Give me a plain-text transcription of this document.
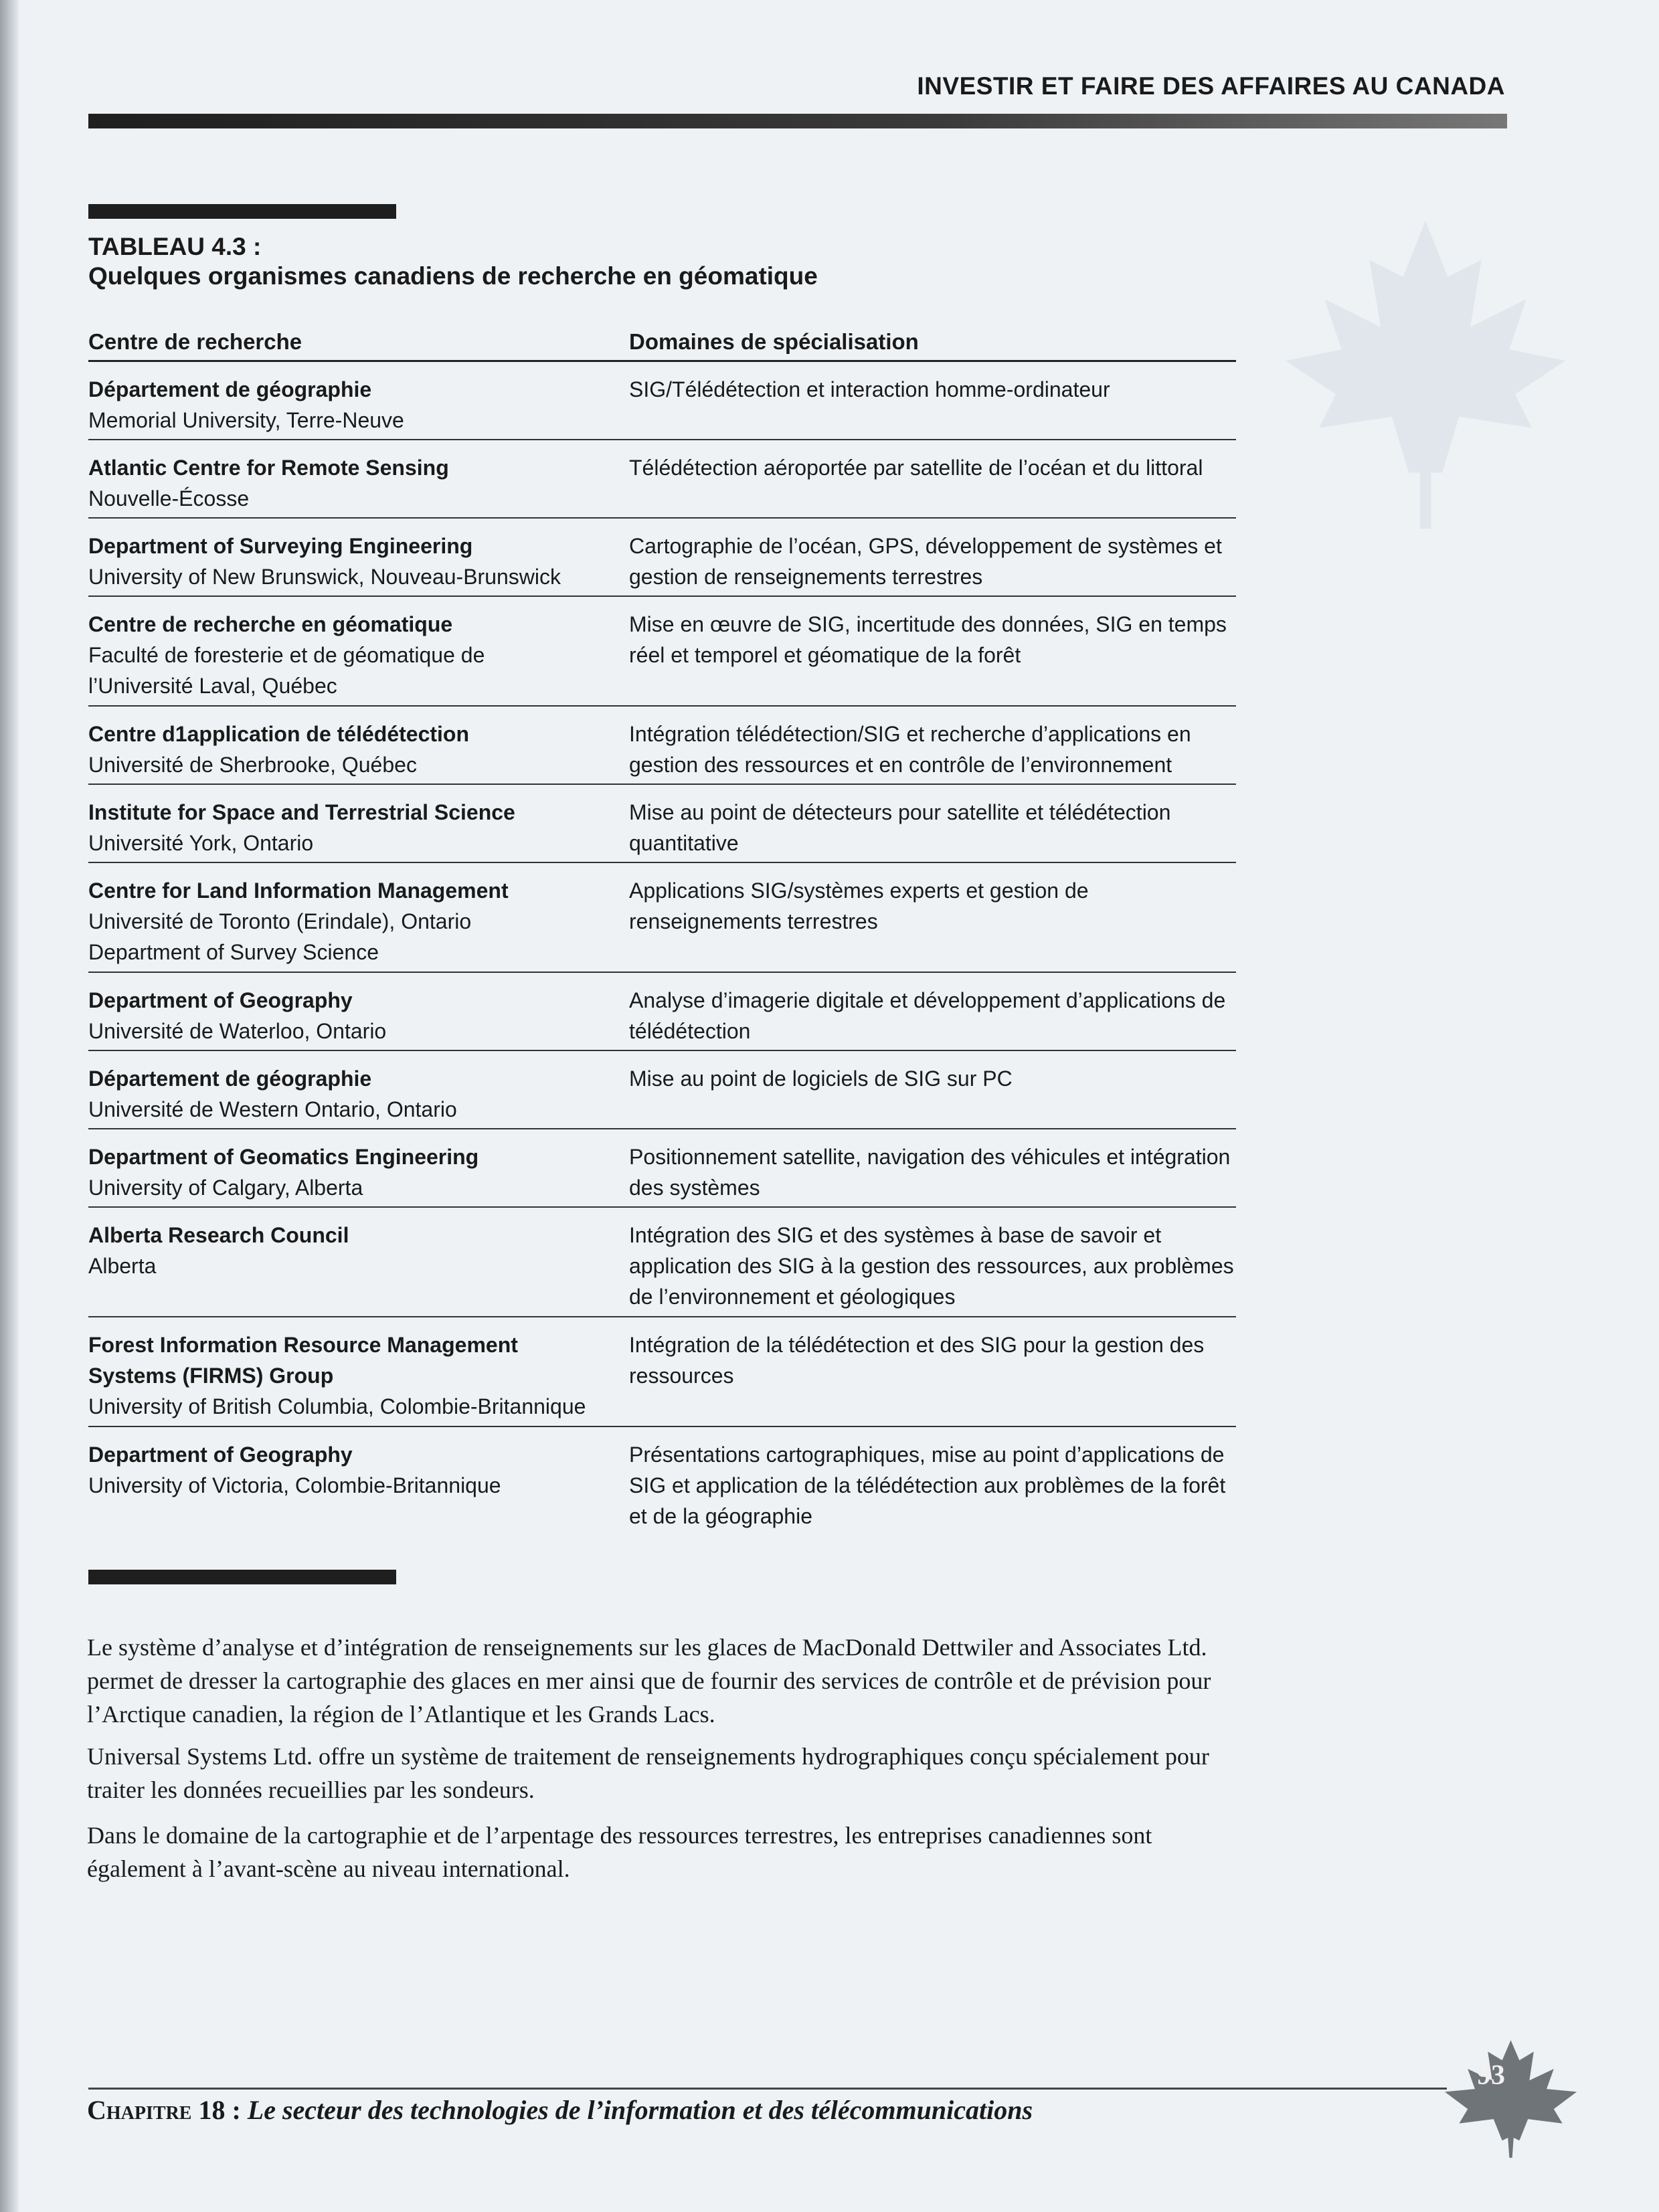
INVESTIR ET FAIRE DES AFFAIRES AU CANADA
TABLEAU 4.3 :
Quelques organismes canadiens de recherche en géomatique
Centre de recherche	Domaines de spécialisation
Département de géographie
Memorial University, Terre-Neuve
SIG/Télédétection et interaction homme-ordinateur
Atlantic Centre for Remote Sensing
Nouvelle-Écosse
Télédétection aéroportée par satellite de l’océan et du littoral
Department of Surveying Engineering
University of New Brunswick, Nouveau-Brunswick
Cartographie de l’océan, GPS, développement de systèmes et gestion de renseignements terrestres
Centre de recherche en géomatique
Faculté de foresterie et de géomatique de l’Université Laval, Québec
Mise en œuvre de SIG, incertitude des données, SIG en temps réel et temporel et géomatique de la forêt
Centre d1application de télédétection
Université de Sherbrooke, Québec
Intégration télédétection/SIG et recherche d’applications en gestion des ressources et en contrôle de l’environnement
Institute for Space and Terrestrial Science
Université York, Ontario
Mise au point de détecteurs pour satellite et télédétection quantitative
Centre for Land Information Management
Université de Toronto (Erindale), Ontario Department of Survey Science
Applications SIG/systèmes experts et gestion de renseignements terrestres
Department of Geography
Université de Waterloo, Ontario
Analyse d’imagerie digitale et développement d’applications de télédétection
Département de géographie
Université de Western Ontario, Ontario
Mise au point de logiciels de SIG sur PC
Department of Geomatics Engineering
University of Calgary, Alberta
Positionnement satellite, navigation des véhicules et intégration des systèmes
Alberta Research Council
Alberta
Intégration des SIG et des systèmes à base de savoir et application des SIG à la gestion des ressources, aux problèmes de l’environnement et géologiques
Forest Information Resource Management Systems (FIRMS) Group
University of British Columbia, Colombie-Britannique
Intégration de la télédétection et des SIG pour la gestion des ressources
Department of Geography
University of Victoria, Colombie-Britannique
Présentations cartographiques, mise au point d’applications de SIG et application de la télédétection aux problèmes de la forêt et de la géographie
Le système d’analyse et d’intégration de renseignements sur les glaces de MacDonald Dettwiler and Associates Ltd. permet de dresser la cartographie des glaces en mer ainsi que de fournir des services de contrôle et de prévision pour l’Arctique canadien, la région de l’Atlantique et les Grands Lacs.
Universal Systems Ltd. offre un système de traitement de renseignements hydrographiques conçu spécialement pour traiter les données recueillies par les sondeurs.
Dans le domaine de la cartographie et de l’arpentage des ressources terrestres, les entreprises canadiennes sont également à l’avant-scène au niveau international.
Chapitre 18 : Le secteur des technologies de l’information et des télécommunications
93
